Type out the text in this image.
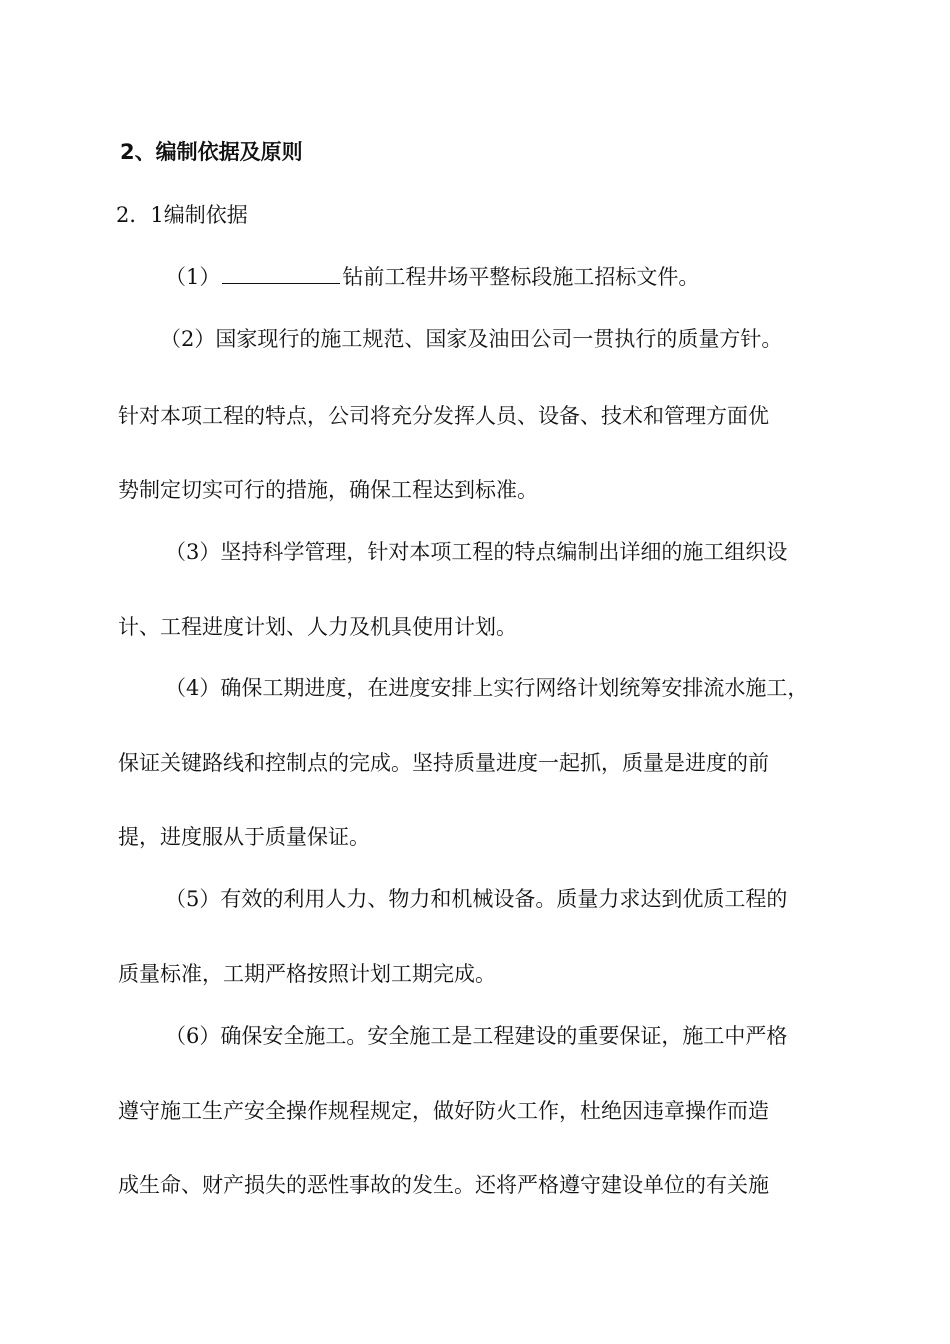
2、编制依据及原则
2．1编制依据
（1）	钻前工程井场平整标段施工招标文件。
（2）国家现行的施工规范、国家及油田公司一贯执行的质量方针。
针对本项工程的特点，公司将充分发挥人员、设备、技术和管理方面优
势制定切实可行的措施，确保工程达到标准。
（3）坚持科学管理，针对本项工程的特点编制出详细的施工组织设
计、工程进度计划、人力及机具使用计划。
（4）确保工期进度，在进度安排上实行网络计划统筹安排流水施工，
保证关键路线和控制点的完成。坚持质量进度一起抓，质量是进度的前
提，进度服从于质量保证。
（5）有效的利用人力、物力和机械设备。质量力求达到优质工程的
质量标准，工期严格按照计划工期完成。
（6）确保安全施工。安全施工是工程建设的重要保证，施工中严格
遵守施工生产安全操作规程规定，做好防火工作，杜绝因违章操作而造
成生命、财产损失的恶性事故的发生。还将严格遵守建设单位的有关施
